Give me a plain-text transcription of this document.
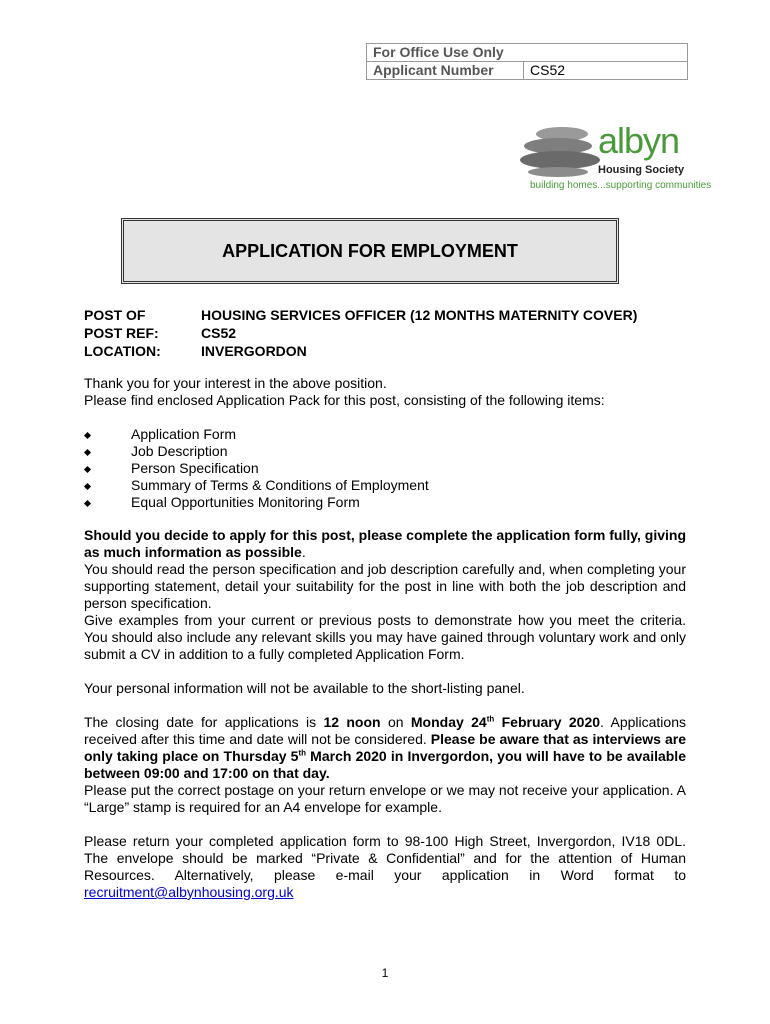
For Office Use Only
Applicant Number	CS52
albyn
Housing Society
building homes...supporting communities
APPLICATION FOR EMPLOYMENT
POST OF	HOUSING SERVICES OFFICER (12 MONTHS MATERNITY COVER)
POST REF:	CS52
LOCATION:	INVERGORDON

Thank you for your interest in the above position.

Please find enclosed Application Pack for this post, consisting of the following items:

Application Form
Job Description
Person Specification
Summary of Terms & Conditions of Employment
Equal Opportunities Monitoring Form

Should you decide to apply for this post, please complete the application form fully, giving as much information as possible.

You should read the person specification and job description carefully and, when completing your supporting statement, detail your suitability for the post in line with both the job description and person specification.

Give examples from your current or previous posts to demonstrate how you meet the criteria. You should also include any relevant skills you may have gained through voluntary work and only submit a CV in addition to a fully completed Application Form.

Your personal information will not be available to the short-listing panel.

The closing date for applications is 12 noon on Monday 24th February 2020. Applications received after this time and date will not be considered. Please be aware that as interviews are only taking place on Thursday 5th March 2020 in Invergordon, you will have to be available between 09:00 and 17:00 on that day.

Please put the correct postage on your return envelope or we may not receive your application. A “Large” stamp is required for an A4 envelope for example.

Please return your completed application form to 98-100 High Street, Invergordon, IV18 0DL. The envelope should be marked “Private & Confidential” and for the attention of Human Resources. Alternatively, please e-mail your application in Word format to recruitment@albynhousing.org.uk

1
